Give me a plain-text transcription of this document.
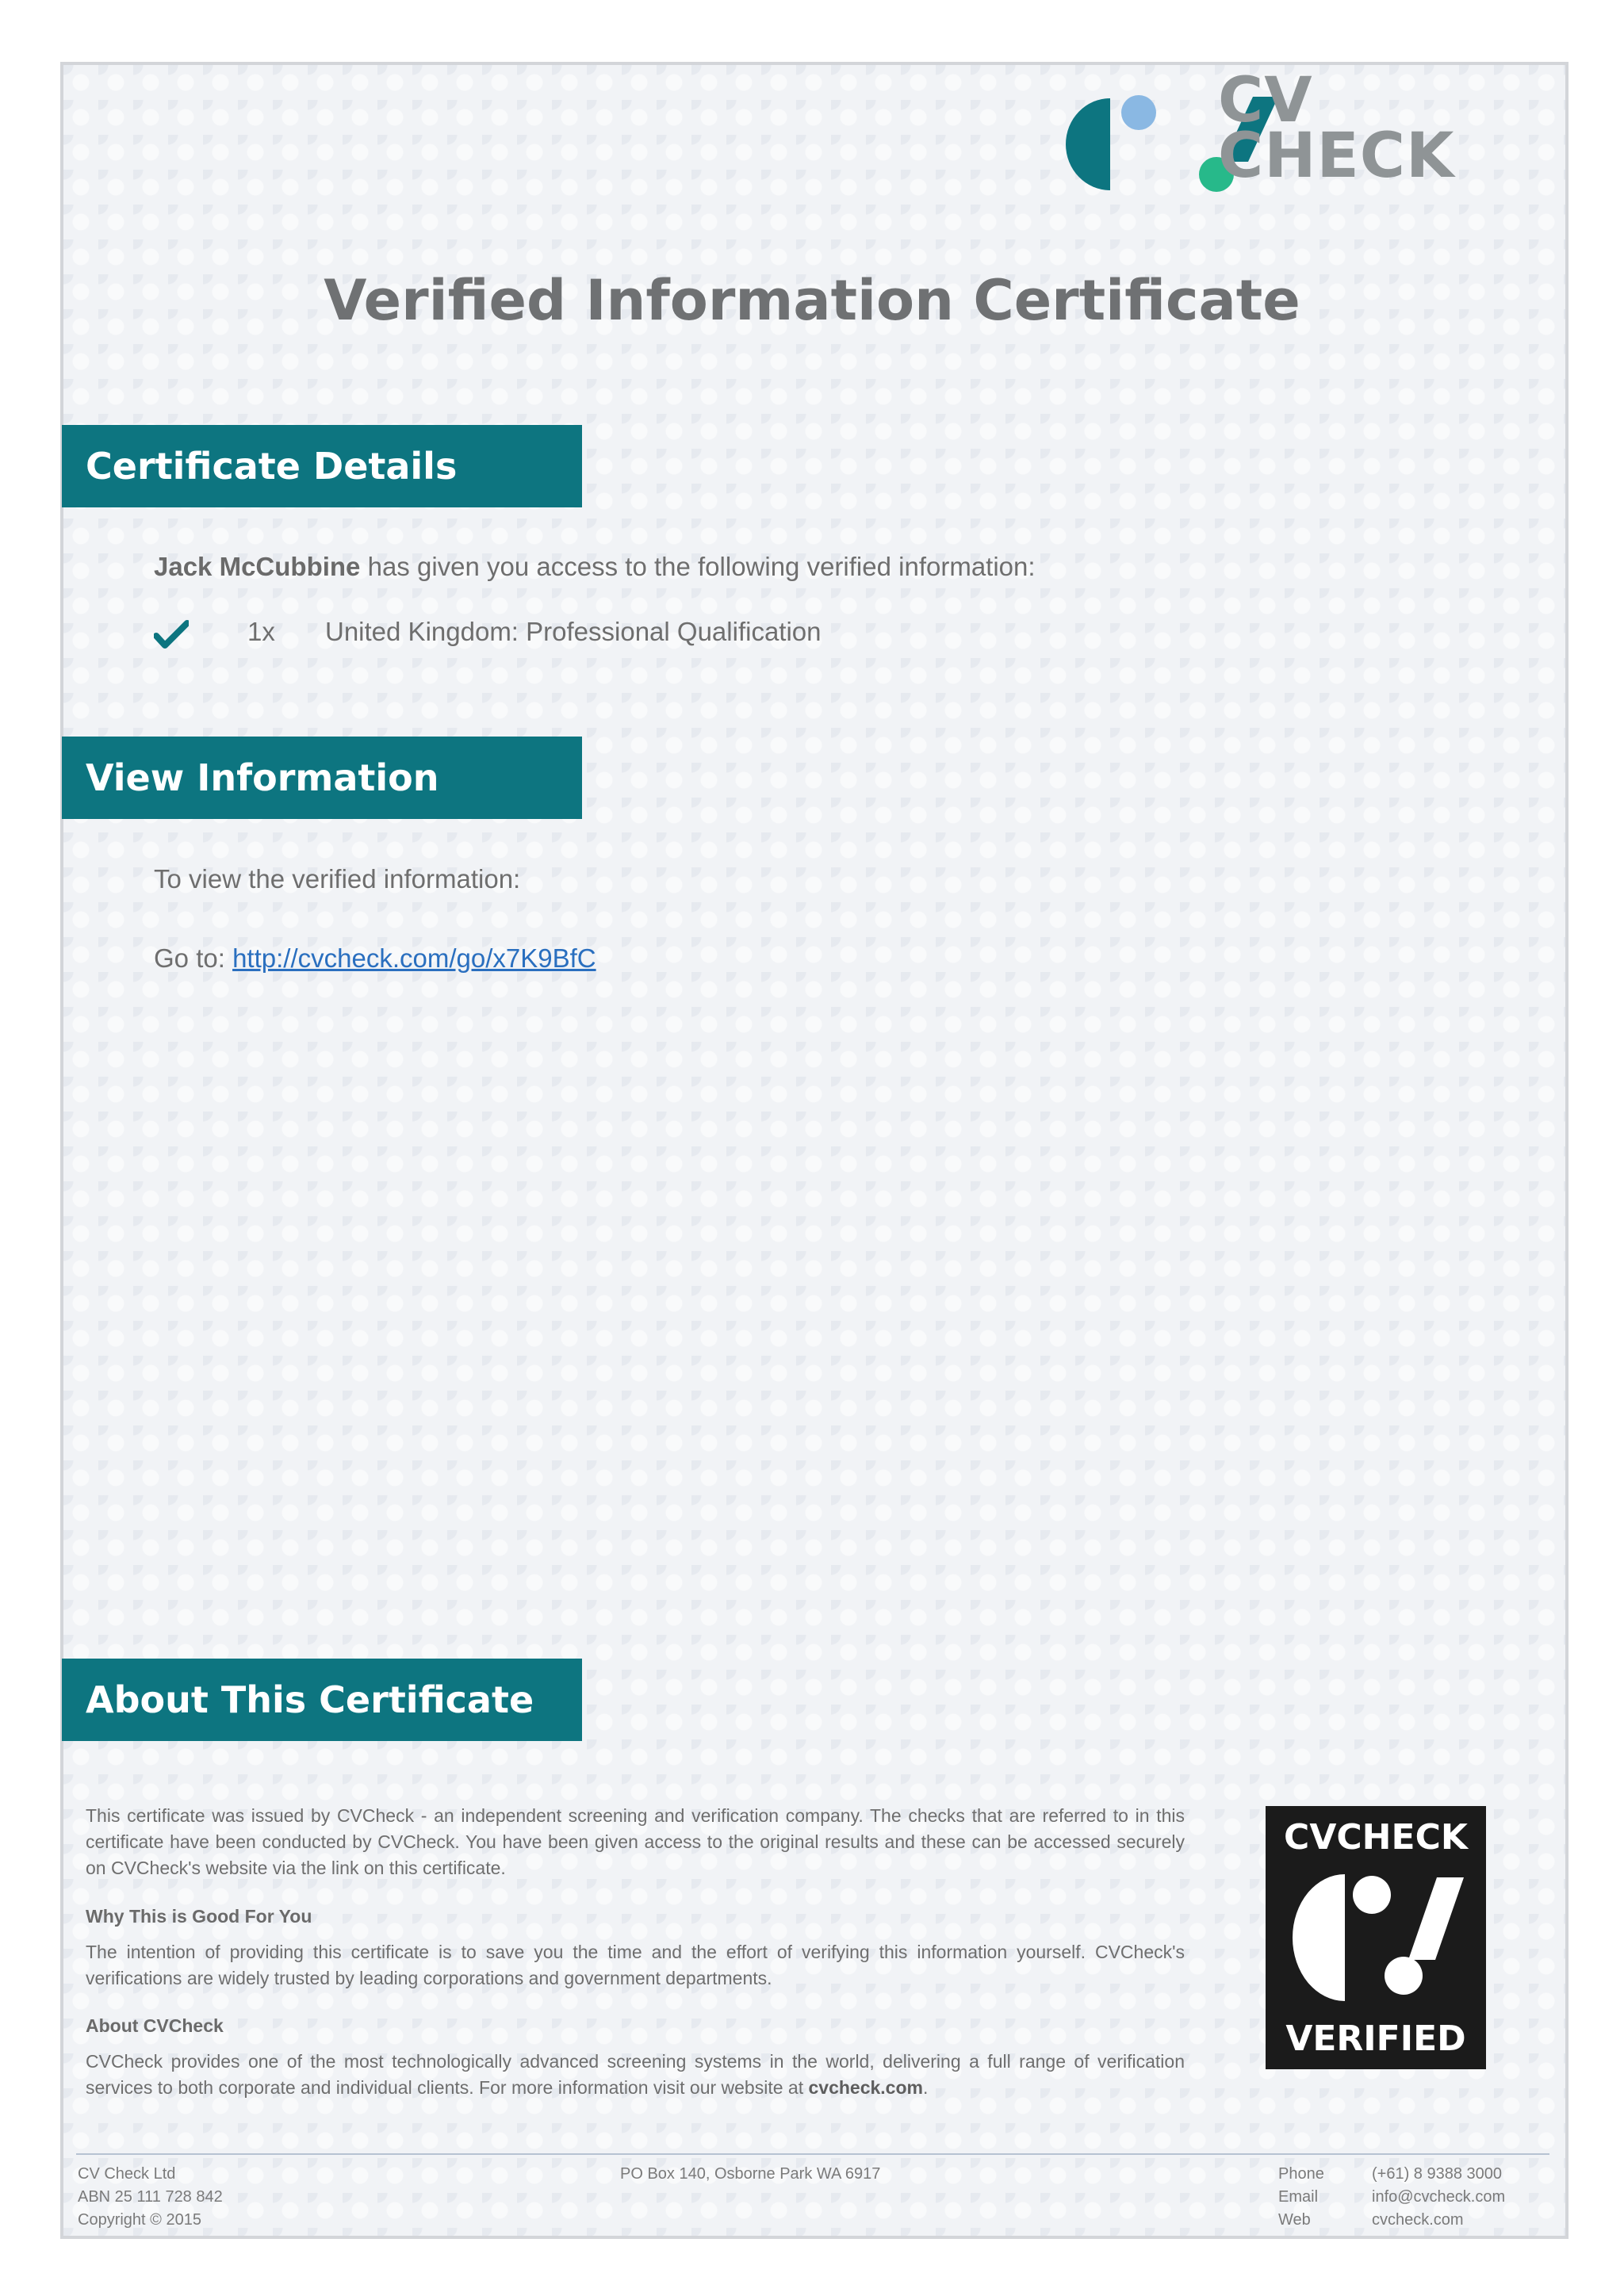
CV
CHECK
Verified Information Certificate
Certificate Details
Jack McCubbine has given you access to the following verified information:
1x United Kingdom: Professional Qualification
View Information
To view the verified information:
Go to: http://cvcheck.com/go/x7K9BfC
About This Certificate
This certificate was issued by CVCheck - an independent screening and verification company. The checks that are referred to in this certificate have been conducted by CVCheck. You have been given access to the original results and these can be accessed securely on CVCheck's website via the link on this certificate.
Why This is Good For You
The intention of providing this certificate is to save you the time and the effort of verifying this information yourself. CVCheck's verifications are widely trusted by leading corporations and government departments.
About CVCheck
CVCheck provides one of the most technologically advanced screening systems in the world, delivering a full range of verification services to both corporate and individual clients. For more information visit our website at cvcheck.com.
CVCHECK
VERIFIED
CV Check Ltd
ABN 25 111 728 842
Copyright © 2015
PO Box 140, Osborne Park WA 6917	Phone
Email
Web
(+61) 8 9388 3000
info@cvcheck.com
cvcheck.com
